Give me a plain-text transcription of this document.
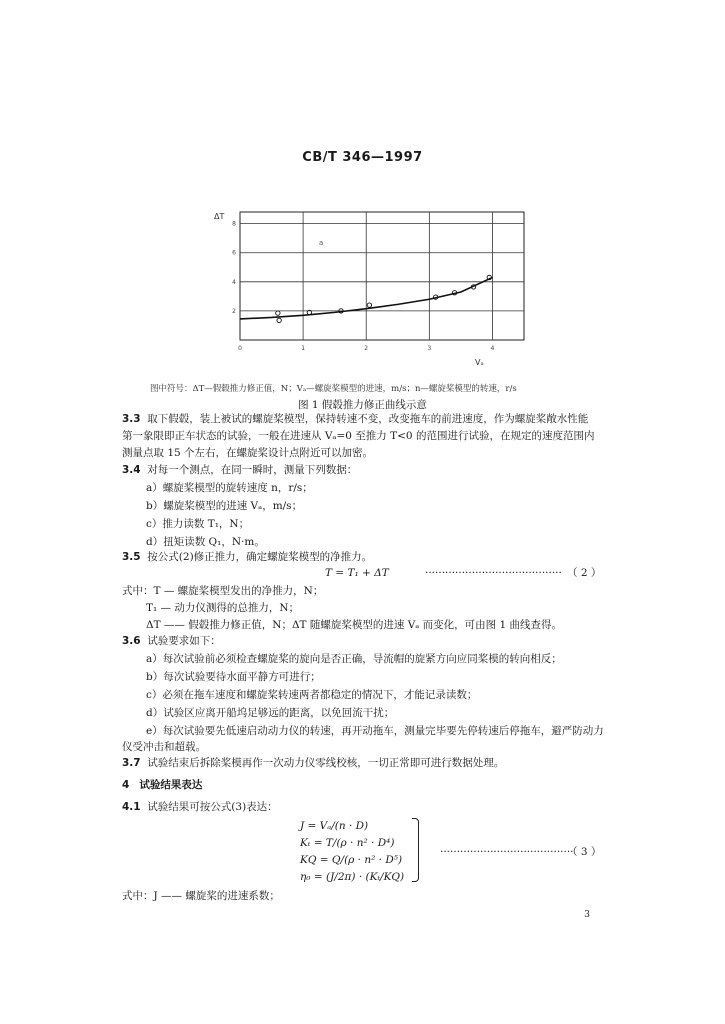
CB/T 346—1997
0	1	2	3	4
2
4
6
8
ΔT
Vₐ
a
图中符号：ΔT—假毂推力修正值，N；Vₐ—螺旋桨模型的进速，m/s；n—螺旋桨模型的转速，r/s
图 1 假毂推力修正曲线示意
3.3 取下假毂，装上被试的螺旋桨模型，保持转速不变，改变拖车的前进速度，作为螺旋桨敞水性能
第一象限即正车状态的试验，一般在进速从 Vₐ=0 至推力 T<0 的范围进行试验，在规定的速度范围内
测量点取 15 个左右，在螺旋桨设计点附近可以加密。
3.4 对每一个测点，在同一瞬时，测量下列数据：
a）螺旋桨模型的旋转速度 n，r/s；
b）螺旋桨模型的进速 Vₐ，m/s；
c）推力读数 T₁，N；
d）扭矩读数 Q₁，N·m。
3.5 按公式(2)修正推力，确定螺旋桨模型的净推力。
T = T₁ + ΔT	········································· （ 2 ）
式中：T — 螺旋桨模型发出的净推力，N；
T₁ — 动力仪测得的总推力，N；
ΔT —— 假毂推力修正值，N；ΔT 随螺旋桨模型的进速 Vₐ 而变化，可由图 1 曲线查得。
3.6 试验要求如下：
a）每次试验前必须检查螺旋桨的旋向是否正确，导流帽的旋紧方向应同桨模的转向相反；
b）每次试验要待水面平静方可进行；
c）必须在拖车速度和螺旋桨转速两者都稳定的情况下，才能记录读数；
d）试验区应离开船坞足够远的距离，以免回流干扰；
e）每次试验要先低速启动动力仪的转速，再开动拖车，测量完毕要先停转速后停拖车，避严防动力
仪受冲击和超载。
3.7 试验结束后拆除桨模再作一次动力仪零线校核，一切正常即可进行数据处理。
4 试验结果表达
4.1 试验结果可按公式(3)表达：
J = Vₐ/(n · D)
Kₜ = T/(ρ · n² · D⁴)
KQ = Q/(ρ · n² · D⁵)
η₀ = (J/2π) · (Kₜ/KQ)
········································
（ 3 ）
式中：J —— 螺旋桨的进速系数；
3
